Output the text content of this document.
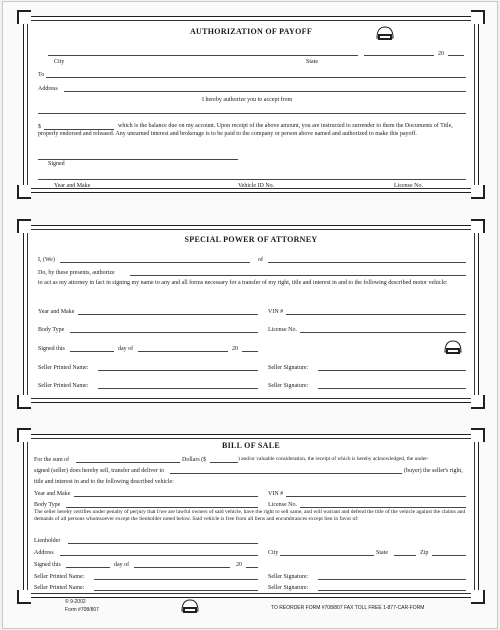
AUTHORIZATION OF PAYOFF
20
City	State
To
Address
I hereby authorize you to accept from
$	which is the balance due on my account. Upon receipt of the above amount, you are instructed to surrender to them the Documents of Title, properly endorsed and released. Any unearned interest and brokerage is to be paid to the company or person above named and authorized to make this payoff.
Signed
Year and Make	Vehicle ID No.	License No.
SPECIAL POWER OF ATTORNEY
I, (We)	of
Do, by these presents, authorize
to act as my attorney in fact in signing my name to any and all forms necessary for a transfer of my right, title and interest in and to the following described motor vehicle:
Year and Make	VIN #
Body Type	License No.
Signed this	day of	20
Seller Printed Name:	Seller Signature:
Seller Printed Name:	Seller Signature:
BILL OF SALE
For the sum of	Dollars ($	) and/or valuable consideration, the receipt of which is hereby acknowledged, the under-
signed (seller) does hereby sell, transfer and deliver to	(buyer) the seller's right,
title and interest in and to the following described vehicle:
Year and Make	VIN #
Body Type	License No.
The seller hereby certifies under penalty of perjury that I/we are lawful owners of said vehicle, have the right to sell same, and will warrant and defend the title of the vehicle against the claims and demands of all persons whomsoever except the lienholder noted below. Said vehicle is free from all liens and encumbrances except lien in favor of:
Lienholder
Address	City	State	Zip
Signed this	day of	20
Seller Printed Name:	Seller Signature:
Seller Printed Name:	Seller Signature:
© 9-2002
Form #708/807	TO REORDER FORM #708/807 FAX TOLL FREE 1-877-CAR-FORM
